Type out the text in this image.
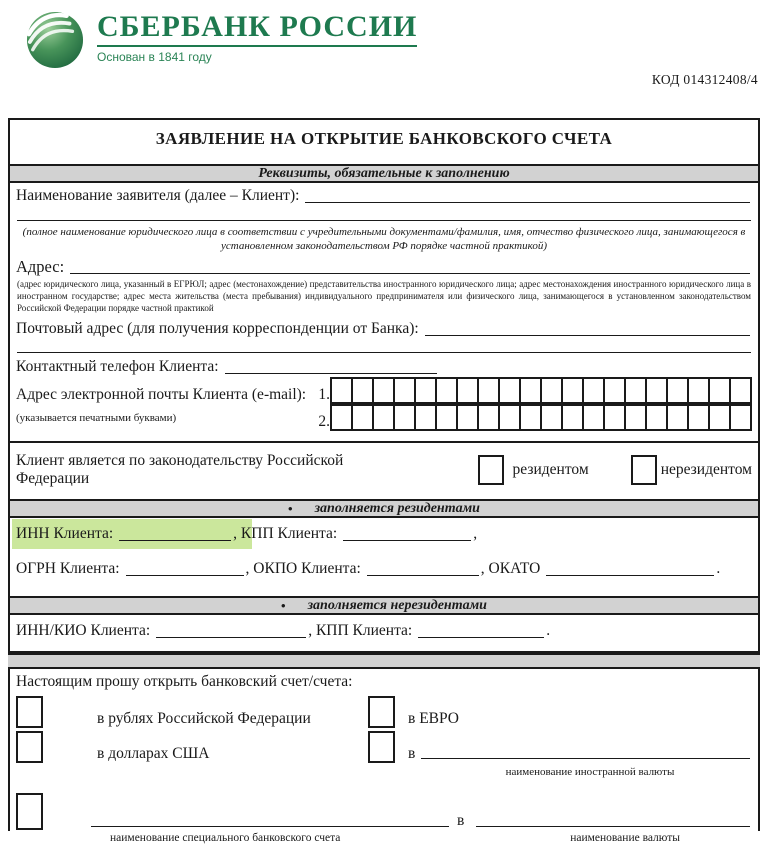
СБЕРБАНК РОССИИ
Основан в 1841 году
КОД 014312408/4
ЗАЯВЛЕНИЕ НА ОТКРЫТИЕ БАНКОВСКОГО СЧЕТА
Реквизиты, обязательные к заполнению
Наименование заявителя (далее – Клиент):
(полное наименование юридического лица в соответствии с учредительными документами/фамилия, имя, отчество физического лица, занимающегося в установленном законодательством РФ порядке частной практикой)
Адрес:
(адрес юридического лица, указанный в ЕГРЮЛ; адрес (местонахождение) представительства иностранного юридического лица; адрес местонахождения иностранного юридического лица в иностранном государстве; адрес места жительства (места пребывания) индивидуального предпринимателя или физического лица, занимающегося в установленном законодательством Российской Федерации порядке частной практикой
Почтовый адрес (для получения корреспонденции от Банка):
Контактный телефон Клиента:
Адрес электронной почты Клиента (e-mail): 1.
(указывается печатными буквами)	2.
Клиент является по законодательству Российской Федерации
резидентом	нерезидентом
• заполняется резидентами
ИНН Клиента:	, КПП Клиента:	,
ОГРН Клиента:	, ОКПО Клиента:	, ОКАТО	.
• заполняется нерезидентами
ИНН/КИО Клиента:	, КПП Клиента:	.
Настоящим прошу открыть банковский счет/счета:
в рублях Российской Федерации
в долларах США
в ЕВРО
в
наименование иностранной валюты
в
наименование специального банковского счета	наименование валюты
